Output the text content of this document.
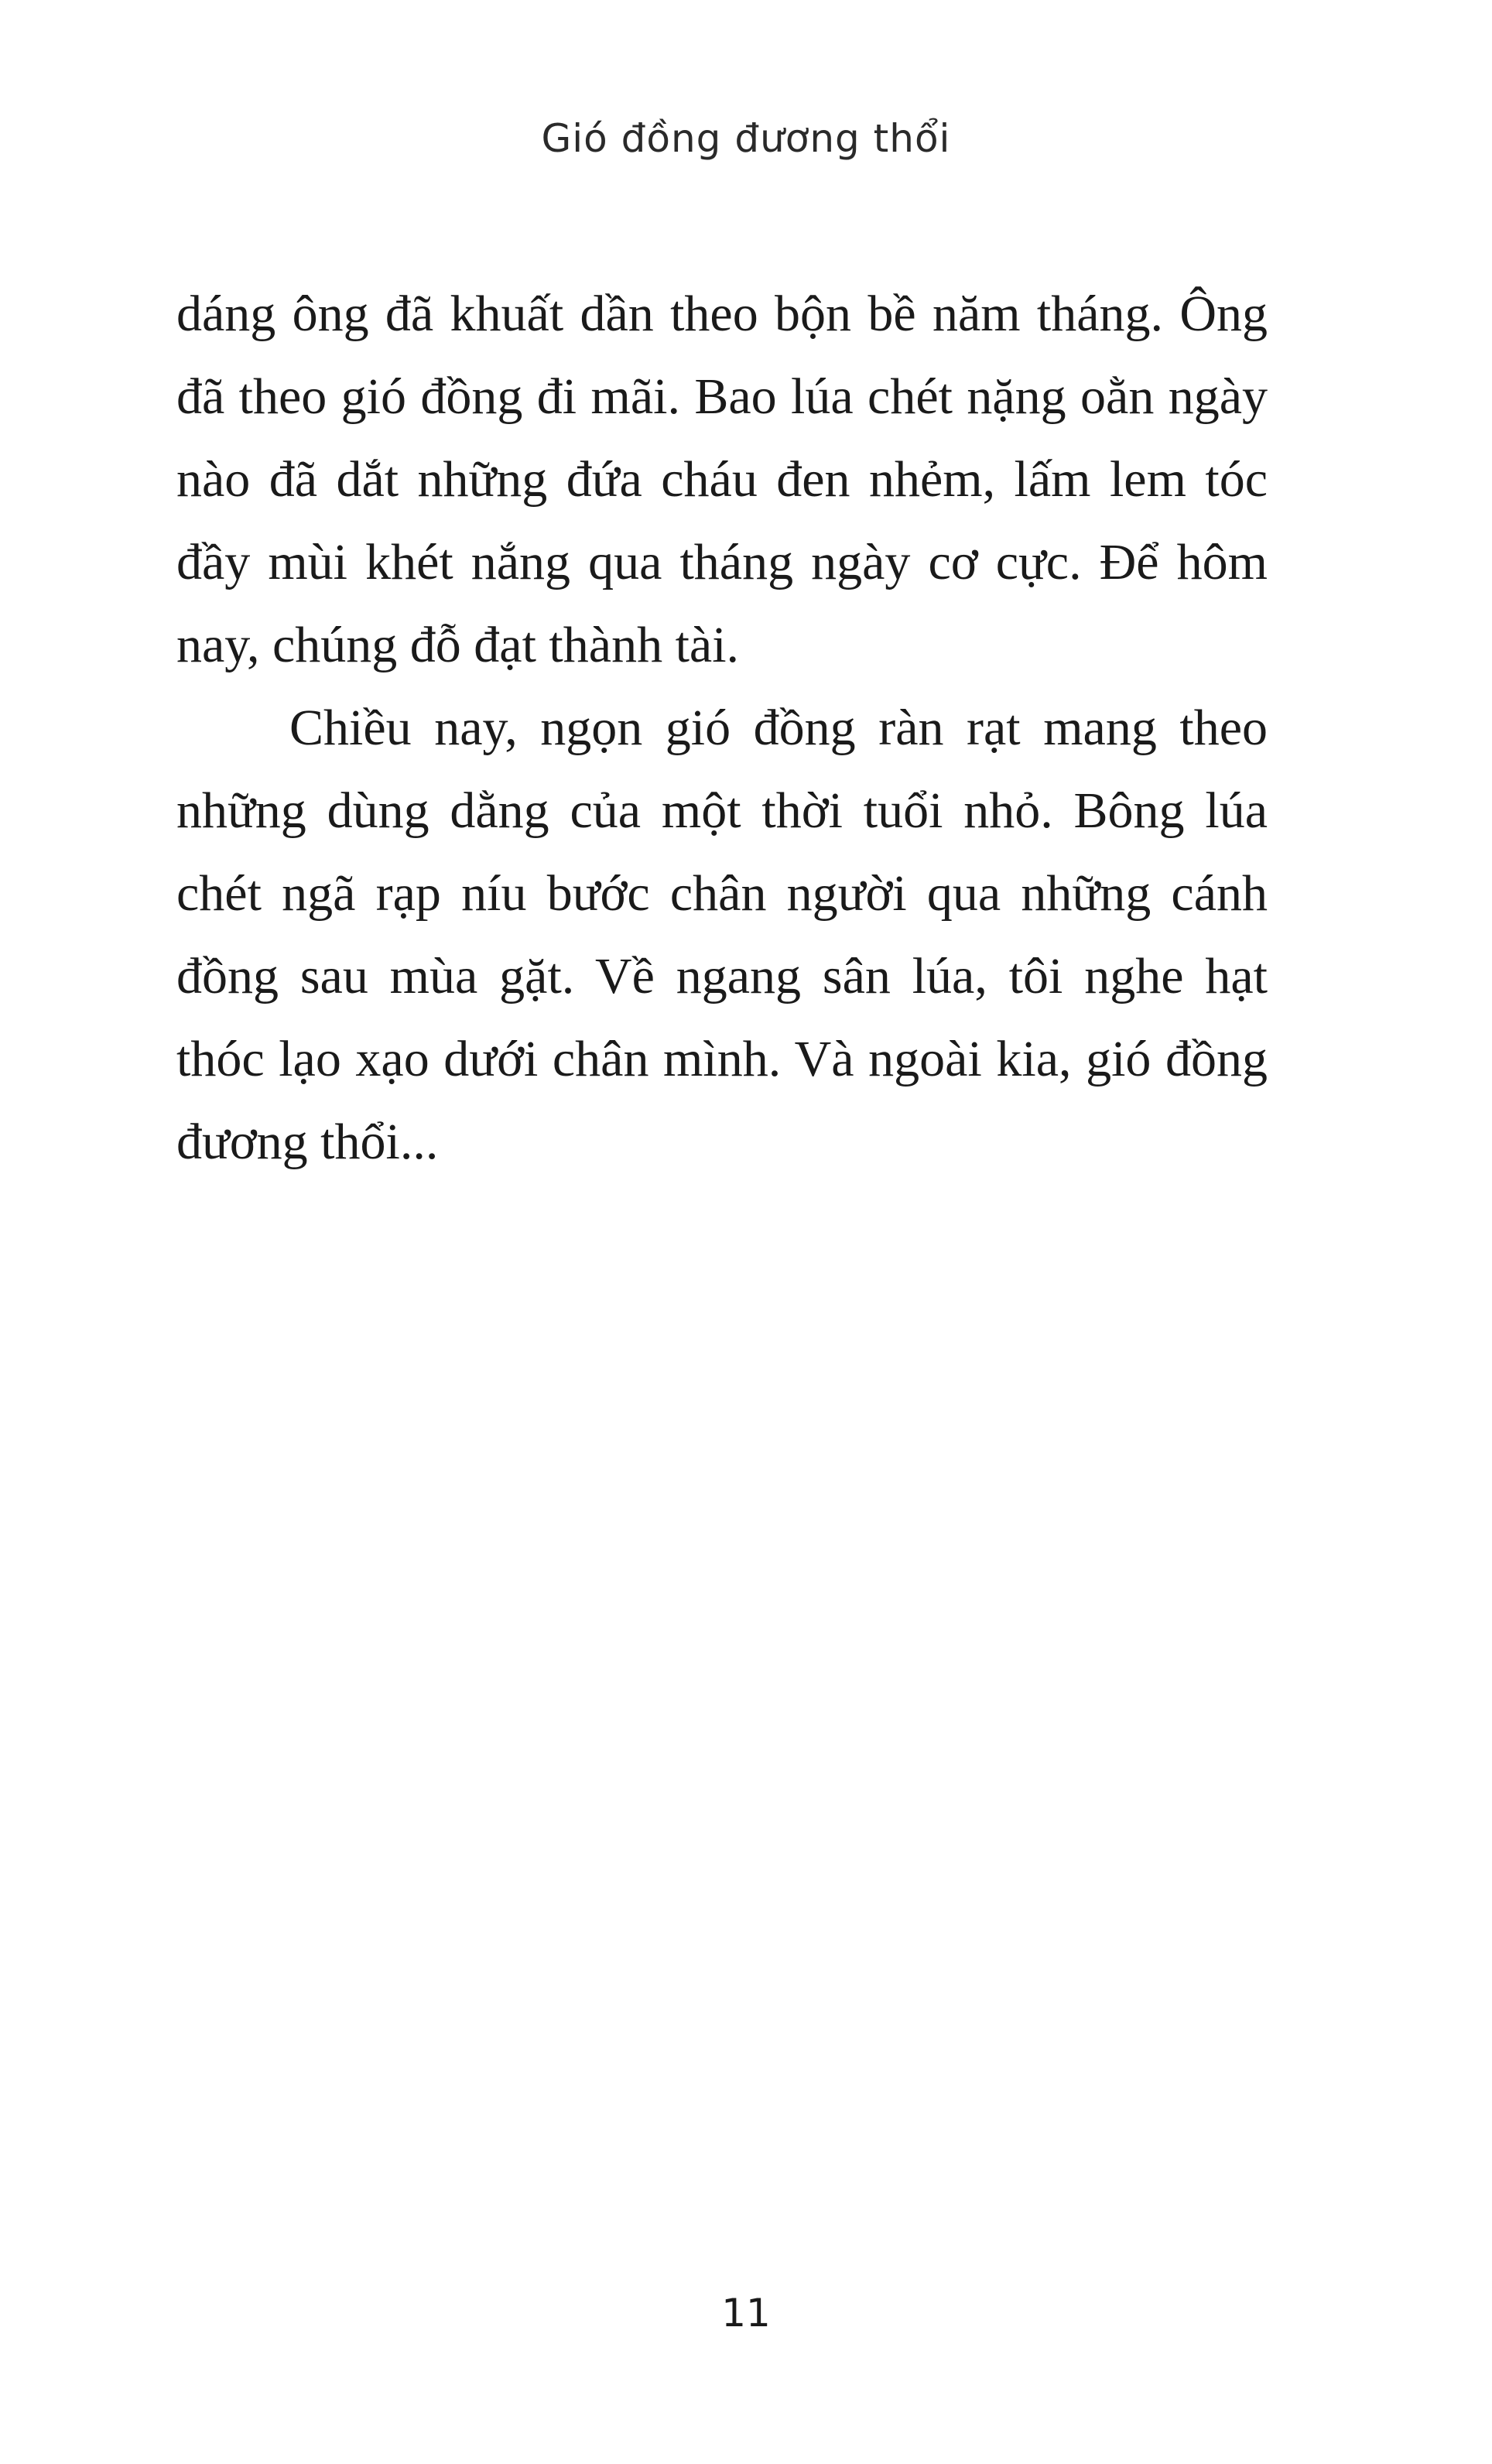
Gió đồng đương thổi

dáng ông đã khuất dần theo bộn bề năm tháng. Ông đã theo gió đồng đi mãi. Bao lúa chét nặng oằn ngày nào đã dắt những đứa cháu đen nhẻm, lấm lem tóc đầy mùi khét nắng qua tháng ngày cơ cực. Để hôm nay, chúng đỗ đạt thành tài.

Chiều nay, ngọn gió đồng ràn rạt mang theo những dùng dằng của một thời tuổi nhỏ. Bông lúa chét ngã rạp níu bước chân người qua những cánh đồng sau mùa gặt. Về ngang sân lúa, tôi nghe hạt thóc lạo xạo dưới chân mình. Và ngoài kia, gió đồng đương thổi...

11
